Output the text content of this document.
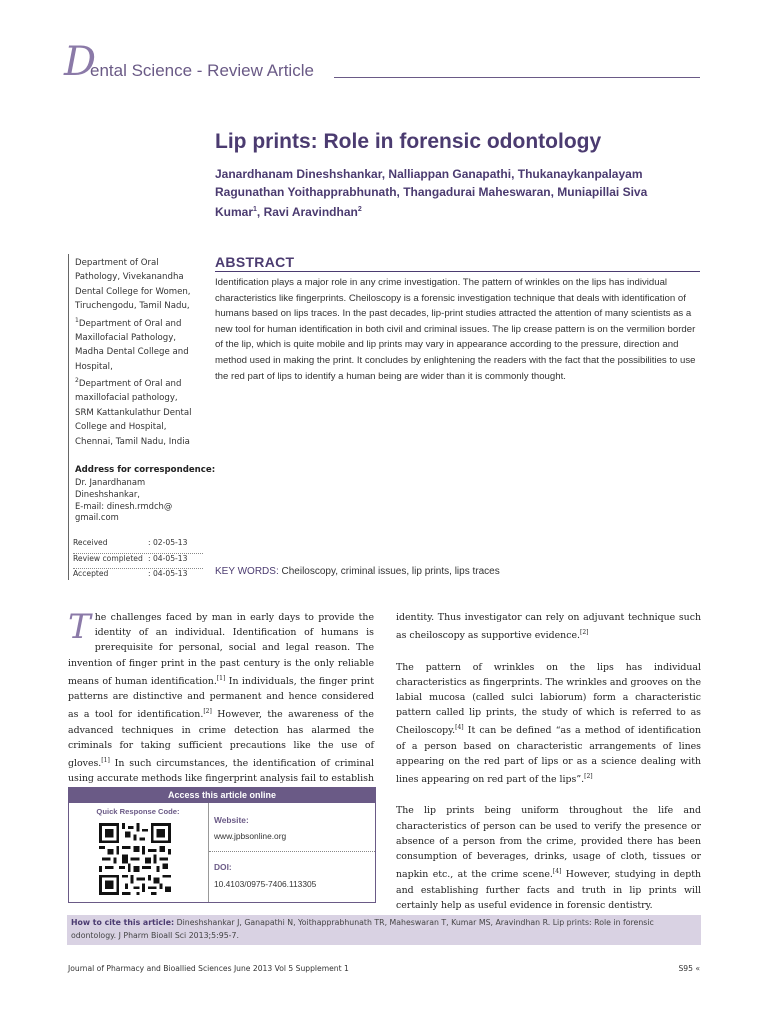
D
ental Science - Review Article
Lip prints: Role in forensic odontology
Janardhanam Dineshshankar, Nalliappan Ganapathi, Thukanaykanpalayam
Ragunathan Yoithapprabhunath, Thangadurai Maheswaran, Muniapillai Siva
Kumar$^1$, Ravi Aravindhan$^2$
Department of Oral Pathology, Vivekanandha Dental College for Women, Tiruchengodu, Tamil Nadu, $^1$Department of Oral and Maxillofacial Pathology, Madha Dental College and Hospital,
$^2$Department of Oral and maxillofacial pathology, SRM Kattankulathur Dental College and Hospital, Chennai, Tamil Nadu, India
Address for correspondence:
Dr. Janardhanam
Dineshshankar,
E-mail: dinesh.rmdch@
gmail.com
Received	: 02-05-13
Review completed : 04-05-13
Accepted	: 04-05-13
ABSTRACT
Identification plays a major role in any crime investigation. The pattern of wrinkles on the lips has individual characteristics like fingerprints. Cheiloscopy is a forensic investigation technique that deals with identification of humans based on lips traces. In the past decades, lip-print studies attracted the attention of many scientists as a new tool for human identification in both civil and criminal issues. The lip crease pattern is on the vermilion border of the lip, which is quite mobile and lip prints may vary in appearance according to the pressure, direction and method used in making the print. It concludes by enlightening the readers with the fact that the possibilities to use the red part of lips to identify a human being are wider than it is commonly thought.
KEY WORDS: Cheiloscopy, criminal issues, lip prints, lips traces
The challenges faced by man in early days to provide the identity of an individual. Identification of humans is prerequisite for personal, social and legal reason. The invention of finger print in the past century is the only reliable means of human identification.[1] In individuals, the finger print patterns are distinctive and permanent and hence considered as a tool for identification.[2] However, the awareness of the advanced techniques in crime detection has alarmed the criminals for taking sufficient precautions like the use of gloves.[1] In such circumstances, the identification of criminal using accurate methods like fingerprint analysis fail to establish
Access this article online
Quick Response Code:
Website:
www.jpbsonline.org
DOI:
10.4103/0975-7406.113305

identity. Thus investigator can rely on adjuvant technique such as cheiloscopy as supportive evidence.[2]

The pattern of wrinkles on the lips has individual characteristics as fingerprints. The wrinkles and grooves on the labial mucosa (called sulci labiorum) form a characteristic pattern called lip prints, the study of which is referred to as Cheiloscopy.[4] It can be defined “as a method of identification of a person based on characteristic arrangements of lines appearing on the red part of lips or as a science dealing with lines appearing on red part of the lips”.[2]

The lip prints being uniform throughout the life and characteristics of person can be used to verify the presence or absence of a person from the crime, provided there has been consumption of beverages, drinks, usage of cloth, tissues or napkin etc., at the crime scene.[4] However, studying in depth and establishing further facts and truth in lip prints will certainly help as useful evidence in forensic dentistry.

How to cite this article: Dineshshankar J, Ganapathi N, Yoithapprabhunath TR, Maheswaran T, Kumar MS, Aravindhan R. Lip prints: Role in forensic odontology. J Pharm Bioall Sci 2013;5:95-7.
Journal of Pharmacy and Bioallied Sciences June 2013 Vol 5 Supplement 1	S95 «
